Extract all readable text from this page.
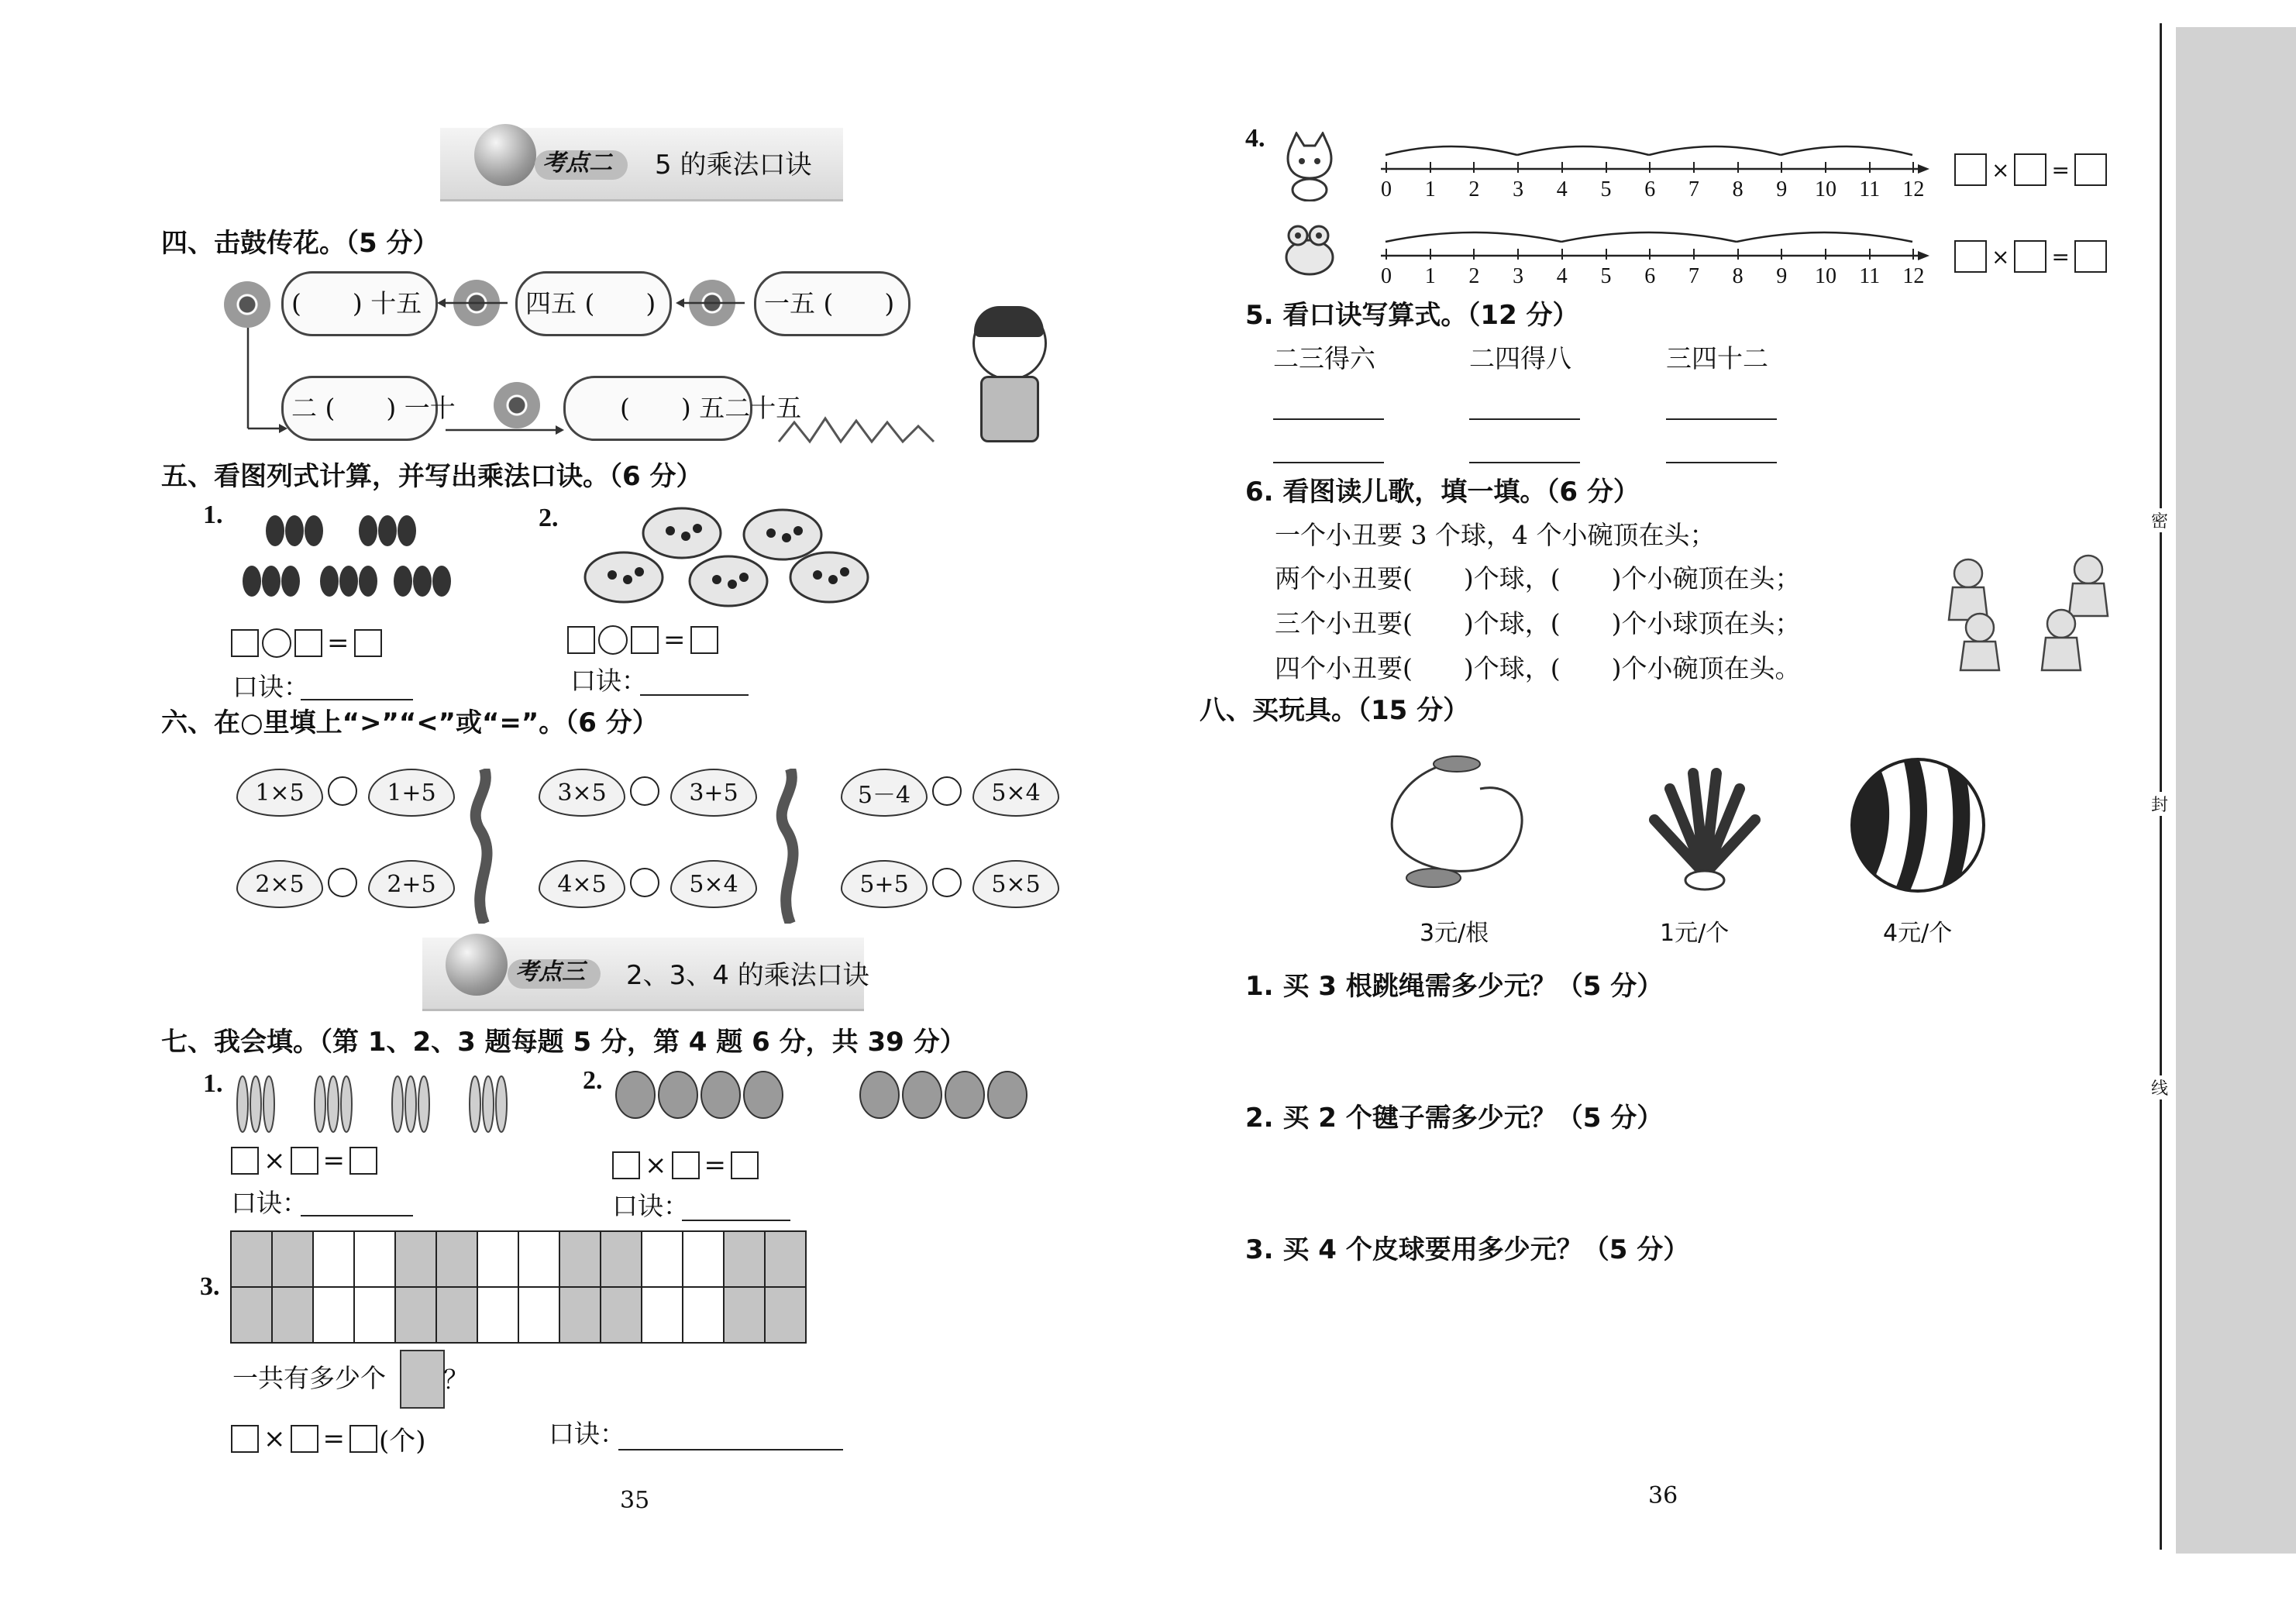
考点二 5 的乘法口诀
四、击鼓传花。（5 分）
(　　) 十五	四五 (　　)	一五 (　　)
二 (　　) 一十	(　　) 五二十五
五、看图列式计算，并写出乘法口诀。（6 分）
1.
=
口诀：
2.
=
口诀：
六、在○里填上“>”“<”或“=”。（6 分）
1×5	1+5	3×5	3+5	5－4	5×4
2×5	2+5	4×5	5×4	5+5	5×5
考点三 2、3、4 的乘法口诀
七、我会填。（第 1、2、3 题每题 5 分，第 4 题 6 分，共 39 分）
1.
× =
口诀：
2.
× =
口诀：
3.

一共有多少个 ？
× = (个)	口诀：
35
4.
0 1 2 3 4 5 6 7 8 9 10 11 12
× =
0 1 2 3 4 5 6 7 8 9 10 11 12
× =
5. 看口诀写算式。（12 分）
二三得六	二四得八	三四十二
6. 看图读儿歌，填一填。（6 分）
一个小丑要 3 个球，4 个小碗顶在头；
两个小丑要(　　)个球，(　　)个小碗顶在头；
三个小丑要(　　)个球，(　　)个小球顶在头；
四个小丑要(　　)个球，(　　)个小碗顶在头。
八、买玩具。（15 分）
3元/根	1元/个	4元/个
1. 买 3 根跳绳需多少元？（5 分）
2. 买 2 个毽子需多少元？（5 分）
3. 买 4 个皮球要用多少元？（5 分）
36
密
封
线
